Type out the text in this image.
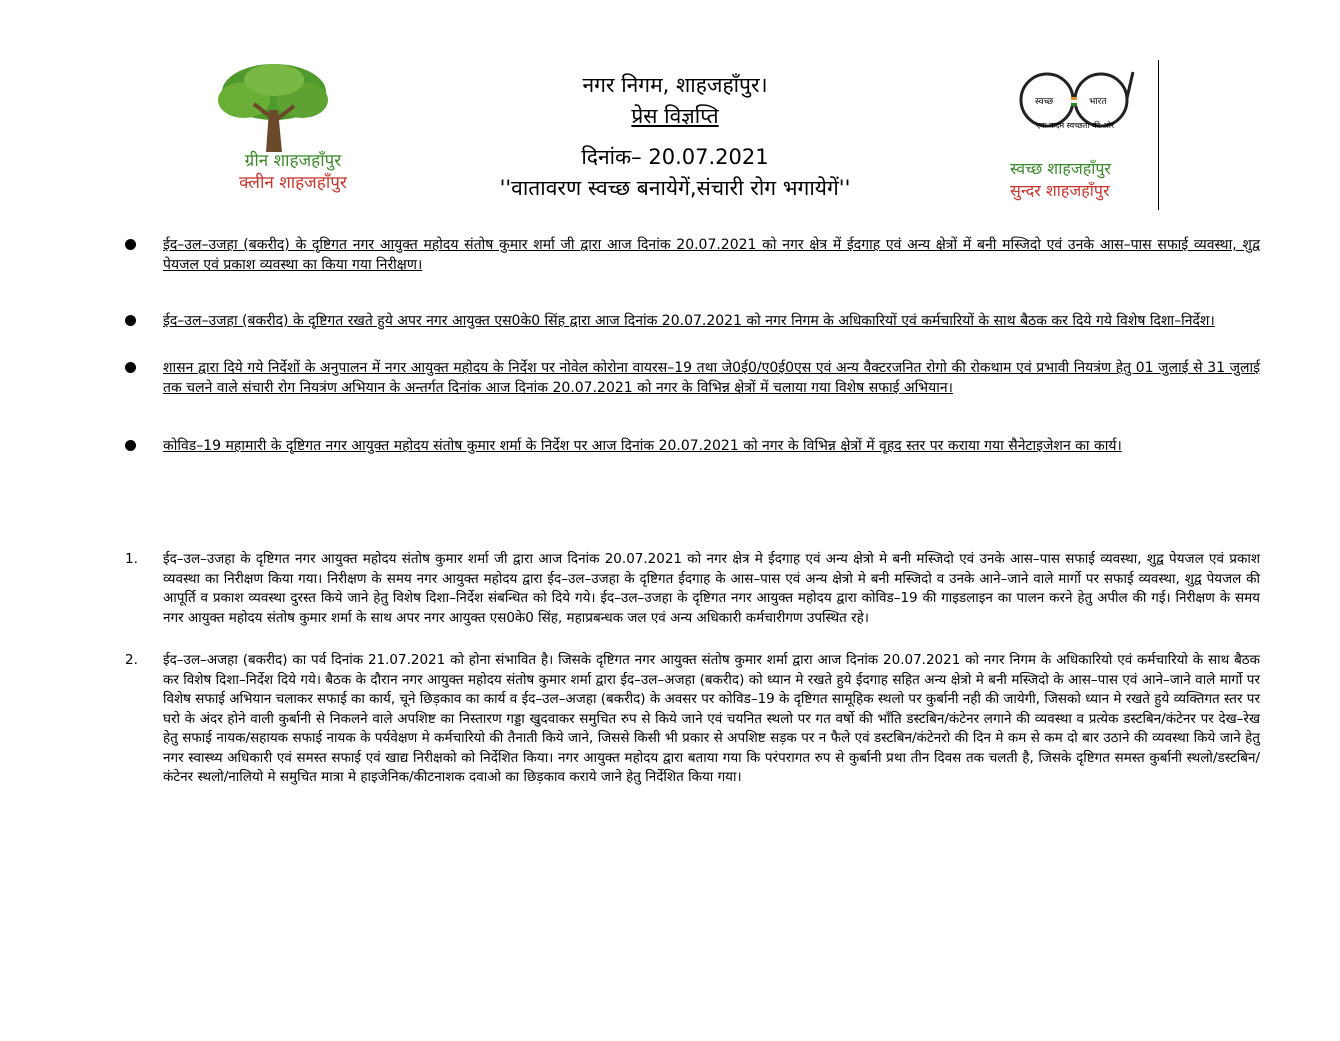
ग्रीन शाहजहाँपुर
क्लीन शाहजहाँपुर
नगर निगम, शाहजहाँपुर।
प्रेस विज्ञप्ति
दिनांक– 20.07.2021
''वातावरण स्वच्छ बनायेगें,संचारी रोग भगायेगें''
स्वच्छ	भारत
एक कदम स्वच्छता की ओर
स्वच्छ शाहजहाँपुर
सुन्दर शाहजहाँपुर
ईद–उल–उजहा (बकरीद) के दृष्टिगत नगर आयुक्त महोदय संतोष कुमार शर्मा जी द्वारा आज दिनांक 20.07.2021 को नगर क्षेत्र में ईदगाह एवं अन्य क्षेत्रों में बनी मस्जिदो एवं उनके आस–पास सफाई व्यवस्था, शुद्व पेयजल एवं प्रकाश व्यवस्था का किया गया निरीक्षण।
ईद–उल–उजहा (बकरीद) के दृष्टिगत रखते हुये अपर नगर आयुक्त एस0के0 सिंह द्वारा आज दिनांक 20.07.2021 को नगर निगम के अधिकारियों एवं कर्मचारियों के साथ बैठक कर दिये गये विशेष दिशा–निर्देश।
शासन द्वारा दिये गये निर्देशों के अनुपालन में नगर आयुक्त महोदय के निर्देश पर नोवेल कोरोना वायरस–19 तथा जे0ई0/ए0ई0एस एवं अन्य वैक्टरजनित रोगो की रोकथाम एवं प्रभावी नियत्रंण हेतु 01 जुलाई से 31 जुलाई तक चलने वाले संचारी रोग नियत्रंण अभियान के अन्तर्गत दिनांक आज दिनांक 20.07.2021 को नगर के विभिन्न क्षेत्रों में चलाया गया विशेष सफाई अभियान।
कोविड–19 महामारी के दृष्टिगत नगर आयुक्त महोदय संतोष कुमार शर्मा के निर्देश पर आज दिनांक 20.07.2021 को नगर के विभिन्न क्षेत्रों में वृहद स्तर पर कराया गया सैनेटाइजेशन का कार्य।
1. ईद–उल–उजहा के दृष्टिगत नगर आयुक्त महोदय संतोष कुमार शर्मा जी द्वारा आज दिनांक 20.07.2021 को नगर क्षेत्र मे ईदगाह एवं अन्य क्षेत्रो मे बनी मस्जिदो एवं उनके आस–पास सफाई व्यवस्था, शुद्व पेयजल एवं प्रकाश व्यवस्था का निरीक्षण किया गया। निरीक्षण के समय नगर आयुक्त महोदय द्वारा ईद–उल–उजहा के दृष्टिगत ईदगाह के आस–पास एवं अन्य क्षेत्रो मे बनी मस्जिदो व उनके आने–जाने वाले मार्गो पर सफाई व्यवस्था, शुद्व पेयजल की आपूर्ति व प्रकाश व्यवस्था दुरस्त किये जाने हेतु विशेष दिशा–निर्देश संबन्धित को दिये गये। ईद–उल–उजहा के दृष्टिगत नगर आयुक्त महोदय द्वारा कोविड–19 की गाइडलाइन का पालन करने हेतु अपील की गई। निरीक्षण के समय नगर आयुक्त महोदय संतोष कुमार शर्मा के साथ अपर नगर आयुक्त एस0के0 सिंह, महाप्रबन्धक जल एवं अन्य अधिकारी कर्मचारीगण उपस्थित रहे।
2. ईद–उल–अजहा (बकरीद) का पर्व दिनांक 21.07.2021 को होना संभावित है। जिसके दृष्टिगत नगर आयुक्त संतोष कुमार शर्मा द्वारा आज दिनांक 20.07.2021 को नगर निगम के अधिकारियो एवं कर्मचारियो के साथ बैठक कर विशेष दिशा–निर्देश दिये गये। बैठक के दौरान नगर आयुक्त महोदय संतोष कुमार शर्मा द्वारा ईद–उल–अजहा (बकरीद) को ध्यान मे रखते हुये ईदगाह सहित अन्य क्षेत्रो मे बनी मस्जिदो के आस–पास एवं आने–जाने वाले मार्गो पर विशेष सफाई अभियान चलाकर सफाई का कार्य, चूने छिड़काव का कार्य व ईद–उल–अजहा (बकरीद) के अवसर पर कोविड–19 के दृष्टिगत सामूहिक स्थलो पर कुर्बानी नही की जायेगी, जिसको ध्यान मे रखते हुये व्यक्तिगत स्तर पर घरो के अंदर होने वाली कुर्बानी से निकलने वाले अपशिष्ट का निस्तारण गड्डा खुदवाकर समुचित रुप से किये जाने एवं चयनित स्थलो पर गत वर्षो की भाँति डस्टबिन/कंटेनर लगाने की व्यवस्था व प्रत्येक डस्टबिन/कंटेनर पर देख–रेख हेतु सफाई नायक/सहायक सफाई नायक के पर्यवेक्षण मे कर्मचारियो की तैनाती किये जाने, जिससे किसी भी प्रकार से अपशिष्ट सड़क पर न फैले एवं डस्टबिन/कंटेनरो की दिन मे कम से कम दो बार उठाने की व्यवस्था किये जाने हेतु नगर स्वास्थ्य अधिकारी एवं समस्त सफाई एवं खाद्य निरीक्षको को निर्देशित किया। नगर आयुक्त महोदय द्वारा बताया गया कि परंपरागत रुप से कुर्बानी प्रथा तीन दिवस तक चलती है, जिसके दृष्टिगत समस्त कुर्बानी स्थलो/डस्टबिन/कंटेनर स्थलो/नालियो मे समुचित मात्रा मे हाइजेनिक/कीटनाशक दवाओ का छिड़काव कराये जाने हेतु निर्देशित किया गया।
